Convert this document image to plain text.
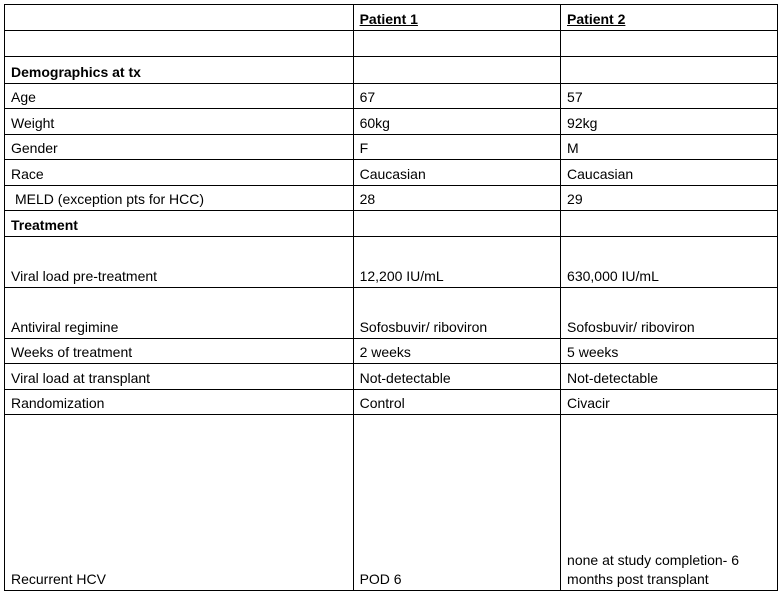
	Patient 1	Patient 2

Demographics at tx		
Age	67	57
Weight	60kg	92kg
Gender	F	M
Race	Caucasian	Caucasian
MELD (exception pts for HCC)	28	29
Treatment		
Viral load pre-treatment	12,200 IU/mL	630,000 IU/mL
Antiviral regimine	Sofosbuvir/ riboviron	Sofosbuvir/ riboviron
Weeks of treatment	2 weeks	5 weeks
Viral load at transplant	Not-detectable	Not-detectable
Randomization	Control	Civacir
Recurrent HCV	POD 6	none at study completion- 6 months post transplant
